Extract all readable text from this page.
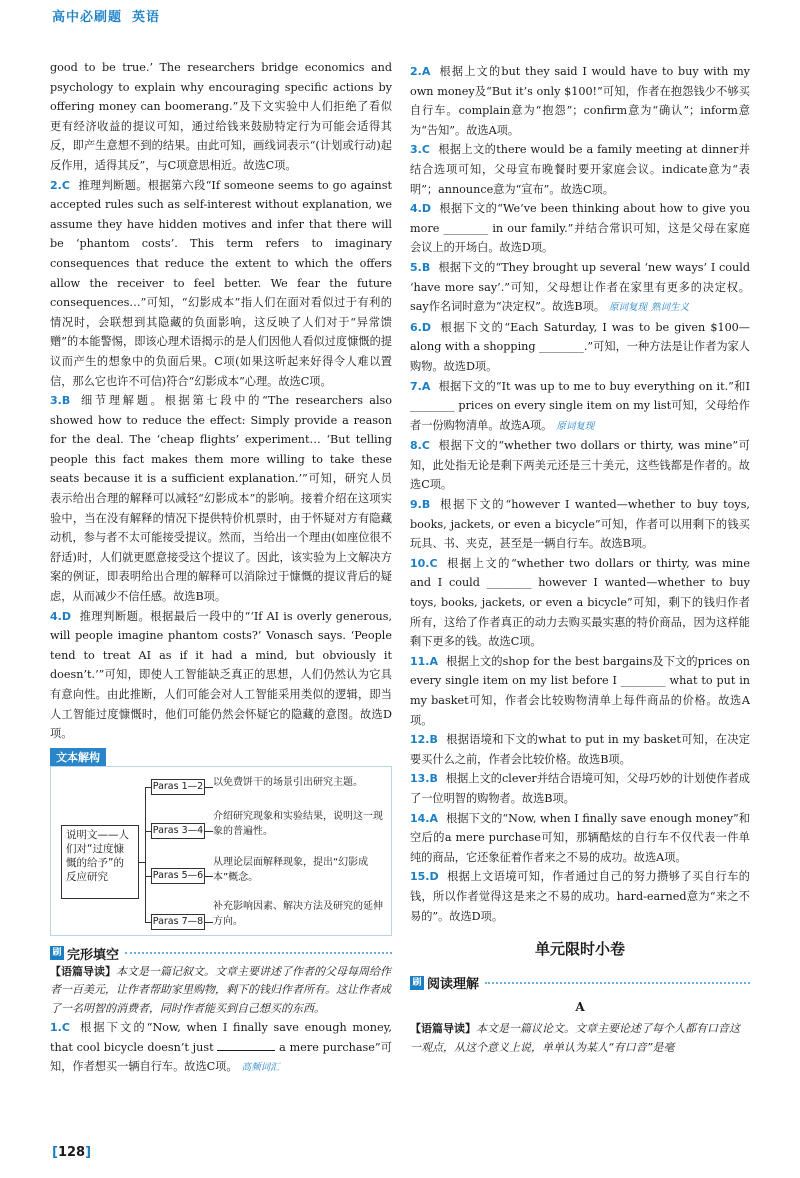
高中必刷题 英语

good to be true.’ The researchers bridge economics and psychology to explain why encouraging specific actions by offering money can boomerang.”及下文实验中人们拒绝了看似更有经济收益的提议可知，通过给钱来鼓励特定行为可能会适得其反，即产生意想不到的结果。由此可知，画线词表示“(计划或行动)起反作用，适得其反”，与C项意思相近。故选C项。

2.C 推理判断题。根据第六段“If someone seems to go against accepted rules such as self-interest without explanation, we assume they have hidden motives and infer that there will be ‘phantom costs’. This term refers to imaginary consequences that reduce the extent to which the offers allow the receiver to feel better. We fear the future consequences…”可知，“幻影成本”指人们在面对看似过于有利的情况时，会联想到其隐藏的负面影响，这反映了人们对于“异常馈赠”的本能警惕，即该心理术语揭示的是人们因他人看似过度慷慨的提议而产生的想象中的负面后果。C项(如果这听起来好得令人难以置信，那么它也许不可信)符合“幻影成本”心理。故选C项。
3.B 细节理解题。根据第七段中的“The researchers also showed how to reduce the effect: Simply provide a reason for the deal. The ‘cheap flights’ experiment… ‘But telling people this fact makes them more willing to take these seats because it is a sufficient explanation.’”可知，研究人员表示给出合理的解释可以减轻“幻影成本”的影响。接着介绍在这项实验中，当在没有解释的情况下提供特价机票时，由于怀疑对方有隐藏动机，参与者不太可能接受提议。然而，当给出一个理由(如座位很不舒适)时，人们就更愿意接受这个提议了。因此，该实验为上文解决方案的例证，即表明给出合理的解释可以消除过于慷慨的提议背后的疑虑，从而减少不信任感。故选B项。
4.D 推理判断题。根据最后一段中的“‘If AI is overly generous, will people imagine phantom costs?’ Vonasch says. ‘People tend to treat AI as if it had a mind, but obviously it doesn’t.’”可知，即使人工智能缺乏真正的思想，人们仍然认为它具有意向性。由此推断，人们可能会对人工智能采用类似的逻辑，即当人工智能过度慷慨时，他们可能仍然会怀疑它的隐藏的意图。故选D项。
文本解构
说明文——人们对“过度慷慨的给予”的反应研究
Paras 1—2
Paras 3—4
Paras 5—6
Paras 7—8
以免费饼干的场景引出研究主题。
介绍研究现象和实验结果，说明这一现象的普遍性。
从理论层面解释现象，提出“幻影成本”概念。
补充影响因素、解决方法及研究的延伸方向。
刷 完形填空

【语篇导读】本文是一篇记叙文。文章主要讲述了作者的父母每周给作者一百美元，让作者帮助家里购物，剩下的钱归作者所有。这让作者成了一名明智的消费者，同时作者能买到自己想买的东西。

1.C 根据下文的“Now, when I finally save enough money, that cool bicycle doesn’t just	a mere purchase”可知，作者想买一辆自行车。故选C项。 高频词汇
2.A 根据上文的but they said I would have to buy with my own money及“But it’s only $100!”可知，作者在抱怨钱少不够买自行车。complain意为“抱怨”；confirm意为“确认”；inform意为“告知”。故选A项。
3.C 根据上文的there would be a family meeting at dinner并结合选项可知，父母宣布晚餐时要开家庭会议。indicate意为“表明”；announce意为“宣布”。故选C项。
4.D 根据下文的“We’ve been thinking about how to give you more ________ in our family.”并结合常识可知，这是父母在家庭会议上的开场白。故选D项。
5.B 根据下文的“They brought up several ‘new ways’ I could ‘have more say’.”可知，父母想让作者在家里有更多的决定权。say作名词时意为“决定权”。故选B项。 原词复现 熟词生义
6.D 根据下文的“Each Saturday, I was to be given $100—along with a shopping ________.”可知，一种方法是让作者为家人购物。故选D项。
7.A 根据下文的“It was up to me to buy everything on it.”和I ________ prices on every single item on my list可知，父母给作者一份购物清单。故选A项。 原词复现
8.C 根据下文的“whether two dollars or thirty, was mine”可知，此处指无论是剩下两美元还是三十美元，这些钱都是作者的。故选C项。
9.B 根据下文的“however I wanted—whether to buy toys, books, jackets, or even a bicycle”可知，作者可以用剩下的钱买玩具、书、夹克，甚至是一辆自行车。故选B项。
10.C 根据上文的“whether two dollars or thirty, was mine and I could ________ however I wanted—whether to buy toys, books, jackets, or even a bicycle”可知，剩下的钱归作者所有，这给了作者真正的动力去购买最实惠的特价商品，因为这样能剩下更多的钱。故选C项。
11.A 根据上文的shop for the best bargains及下文的prices on every single item on my list before I ________ what to put in my basket可知，作者会比较购物清单上每件商品的价格。故选A项。
12.B 根据语境和下文的what to put in my basket可知，在决定要买什么之前，作者会比较价格。故选B项。
13.B 根据上文的clever并结合语境可知，父母巧妙的计划使作者成了一位明智的购物者。故选B项。
14.A 根据下文的“Now, when I finally save enough money”和空后的a mere purchase可知，那辆酷炫的自行车不仅代表一件单纯的商品，它还象征着作者来之不易的成功。故选A项。
15.D 根据上文语境可知，作者通过自己的努力攒够了买自行车的钱，所以作者觉得这是来之不易的成功。hard-earned意为“来之不易的”。故选D项。
单元限时小卷
刷 阅读理解
A

【语篇导读】本文是一篇议论文。文章主要论述了每个人都有口音这一观点，从这个意义上说，单单认为某人“有口音”是毫

[128]
